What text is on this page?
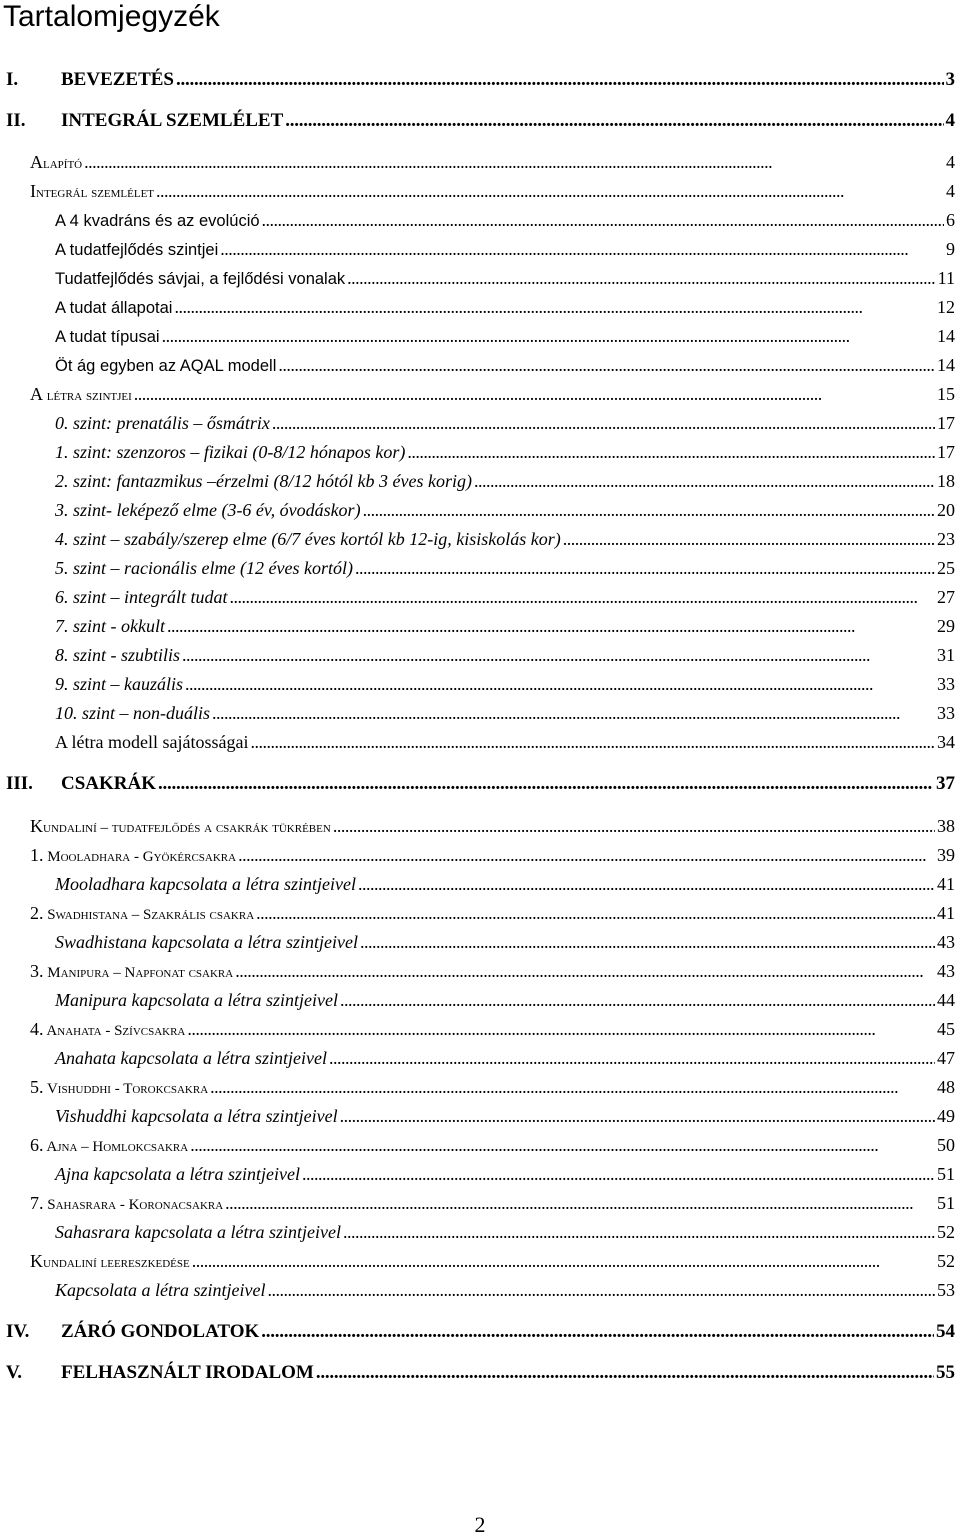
Tartalomjegyzék
I.	BEVEZETÉS . . .	3
II.	INTEGRÁL SZEMLÉLET . . .	4
Alapító . . .	4
Integrál szemlélet . . .	4
A 4 kvadráns és az evolúció . . .	6
A tudatfejlődés szintjei . . .	9
Tudatfejlődés sávjai, a fejlődési vonalak . . .	11
A tudat állapotai . . .	12
A tudat típusai . . .	14
Öt ág egyben az AQAL modell . . .	14
A létra szintjei . . .	15
0. szint: prenatális – ősmátrix . . .	17
1. szint: szenzoros – fizikai (0-8/12 hónapos kor) . . .	17
2. szint: fantazmikus –érzelmi (8/12 hótól kb 3 éves korig) . . .	18
3. szint- leképező elme (3-6 év, óvodáskor) . . .	20
4. szint – szabály/szerep elme (6/7 éves kortól kb 12-ig, kisiskolás kor) . . .	23
5. szint – racionális elme (12 éves kortól) . . .	25
6. szint – integrált tudat . . .	27
7. szint - okkult . . .	29
8. szint - szubtilis . . .	31
9. szint – kauzális . . .	33
10. szint – non-duális . . .	33
A létra modell sajátosságai . . .	34
III.	CSAKRÁK . . .	37
Kundaliní – tudatfejlődés a csakrák tükrében . . .	38
1. Mooladhara - Gyökércsakra . . .	39
Mooladhara kapcsolata a létra szintjeivel . . .	41
2. Swadhistana – Szakrális csakra . . .	41
Swadhistana kapcsolata a létra szintjeivel . . .	43
3. Manipura – Napfonat csakra . . .	43
Manipura kapcsolata a létra szintjeivel . . .	44
4. Anahata - Szívcsakra . . .	45
Anahata kapcsolata a létra szintjeivel . . .	47
5. Vishuddhi - Torokcsakra . . .	48
Vishuddhi kapcsolata a létra szintjeivel . . .	49
6. Ajna – Homlokcsakra . . .	50
Ajna kapcsolata a létra szintjeivel . . .	51
7. Sahasrara - Koronacsakra . . .	51
Sahasrara kapcsolata a létra szintjeivel . . .	52
Kundaliní leereszkedése . . .	52
Kapcsolata a létra szintjeivel . . .	53
IV.	ZÁRÓ GONDOLATOK . . .	54
V.	FELHASZNÁLT IRODALOM . . .	55
2
